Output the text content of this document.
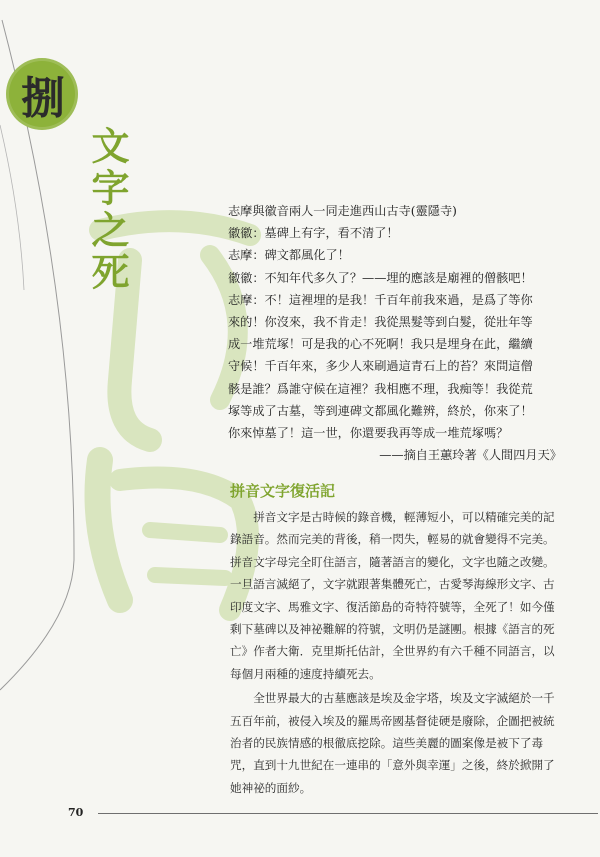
捌
文字之死	志摩與徽音兩人一同走進西山古寺(靈隱寺)

徽徽：墓碑上有字，看不清了！

志摩：碑文都風化了！

徽徽：不知年代多久了？——埋的應該是廟裡的僧骸吧！

志摩：不！這裡埋的是我！千百年前我來過，是爲了等你

來的！你沒來，我不肯走！我從黑髮等到白髮，從壯年等

成一堆荒塚！可是我的心不死啊！我只是埋身在此，繼續

守候！千百年來，多少人來刷過這青石上的苔？來問這僧

骸是誰？爲誰守候在這裡？我相應不理，我痴等！我從荒

塚等成了古墓，等到連碑文都風化難辨，終於，你來了！

你來悼墓了！這一世，你還要我再等成一堆荒塚嗎？

——摘自王蕙玲著《人間四月天》

拼音文字復活記

拼音文字是古時候的錄音機，輕薄短小，可以精確完美的記錄語音。然而完美的背後，稍一閃失，輕易的就會變得不完美。拼音文字母完全盯住語言，隨著語言的變化，文字也隨之改變。一旦語言滅絕了，文字就跟著集體死亡，古愛琴海線形文字、古印度文字、馬雅文字、復活節島的奇特符號等，全死了！如今僅剩下墓碑以及神祕難解的符號，文明仍是謎團。根據《語言的死亡》作者大衛．克里斯托估計，全世界約有六千種不同語言，以每個月兩種的速度持續死去。

全世界最大的古墓應該是埃及金字塔，埃及文字滅絕於一千五百年前，被侵入埃及的羅馬帝國基督徒硬是廢除，企圖把被統治者的民族情感的根徹底挖除。這些美麗的圖案像是被下了毒咒，直到十九世紀在一連串的「意外與幸運」之後，終於掀開了她神祕的面紗。

70
